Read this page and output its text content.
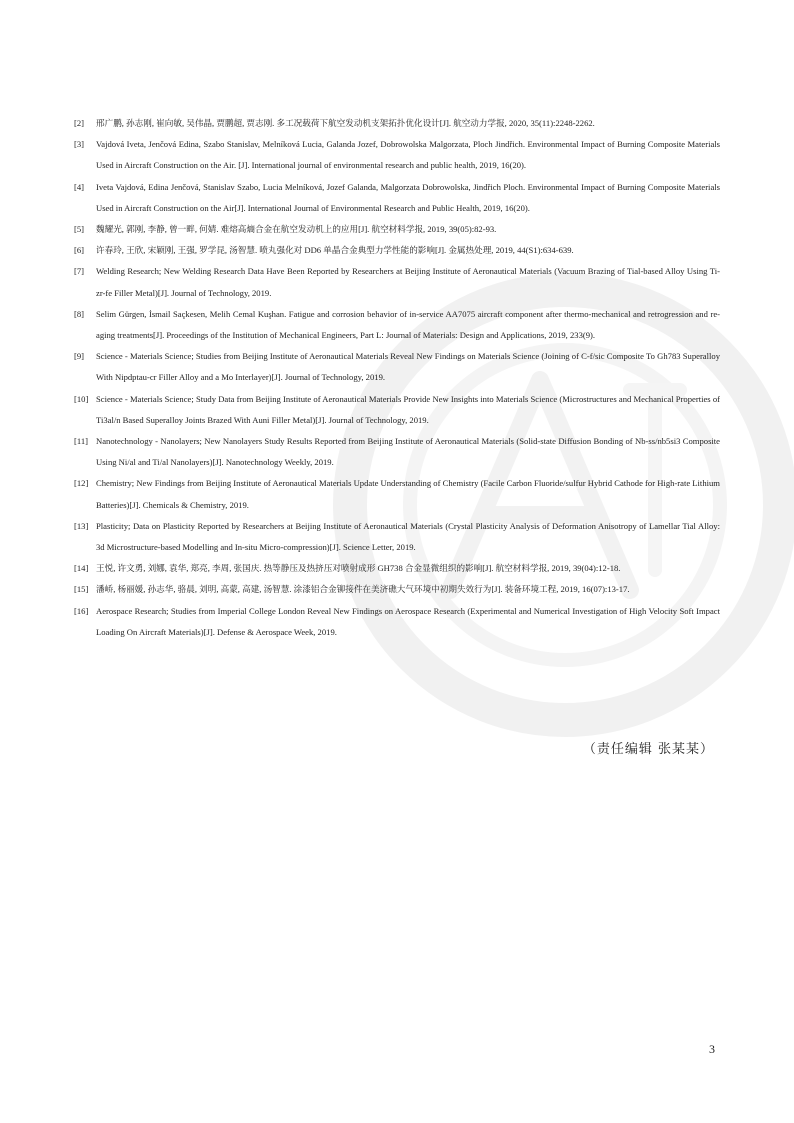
[2]	邢广鹏, 孙志刚, 崔向敏, 吴伟晶, 贾鹏超, 贾志刚. 多工况载荷下航空发动机支架拓扑优化设计[J]. 航空动力学报, 2020, 35(11):2248-2262.
[3]	Vajdová Iveta, Jenčová Edina, Szabo Stanislav, Melníková Lucia, Galanda Jozef, Dobrowolska Malgorzata, Ploch Jindřich. Environmental Impact of Burning Composite Materials Used in Aircraft Construction on the Air. [J]. International journal of environmental research and public health, 2019, 16(20).
[4]	Iveta Vajdová, Edina Jenčová, Stanislav Szabo, Lucia Melníková, Jozef Galanda, Malgorzata Dobrowolska, Jindřich Ploch. Environmental Impact of Burning Composite Materials Used in Aircraft Construction on the Air[J]. International Journal of Environmental Research and Public Health, 2019, 16(20).
[5]	魏耀光, 郭刚, 李静, 曾一畔, 何婧. 难熔高熵合金在航空发动机上的应用[J]. 航空材料学报, 2019, 39(05):82-93.
[6]	许春玲, 王欣, 宋颖刚, 王强, 罗学昆, 汤智慧. 喷丸强化对 DD6 单晶合金典型力学性能的影响[J]. 金属热处理, 2019, 44(S1):634-639.
[7]	Welding Research; New Welding Research Data Have Been Reported by Researchers at Beijing Institute of Aeronautical Materials (Vacuum Brazing of Tial-based Alloy Using Ti-zr-fe Filler Metal)[J]. Journal of Technology, 2019.
[8]	Selim Gürgen, İsmail Saçkesen, Melih Cemal Kuşhan. Fatigue and corrosion behavior of in-service AA7075 aircraft component after thermo-mechanical and retrogression and re-aging treatments[J]. Proceedings of the Institution of Mechanical Engineers, Part L: Journal of Materials: Design and Applications, 2019, 233(9).
[9]	Science - Materials Science; Studies from Beijing Institute of Aeronautical Materials Reveal New Findings on Materials Science (Joining of C-f/sic Composite To Gh783 Superalloy With Nipdptau-cr Filler Alloy and a Mo Interlayer)[J]. Journal of Technology, 2019.
[10] Science - Materials Science; Study Data from Beijing Institute of Aeronautical Materials Provide New Insights into Materials Science (Microstructures and Mechanical Properties of Ti3al/n Based Superalloy Joints Brazed With Auni Filler Metal)[J]. Journal of Technology, 2019.
[11] Nanotechnology - Nanolayers; New Nanolayers Study Results Reported from Beijing Institute of Aeronautical Materials (Solid-state Diffusion Bonding of Nb-ss/nb5si3 Composite Using Ni/al and Ti/al Nanolayers)[J]. Nanotechnology Weekly, 2019.
[12] Chemistry; New Findings from Beijing Institute of Aeronautical Materials Update Understanding of Chemistry (Facile Carbon Fluoride/sulfur Hybrid Cathode for High-rate Lithium Batteries)[J]. Chemicals & Chemistry, 2019.
[13] Plasticity; Data on Plasticity Reported by Researchers at Beijing Institute of Aeronautical Materials (Crystal Plasticity Analysis of Deformation Anisotropy of Lamellar Tial Alloy: 3d Microstructure-based Modelling and In-situ Micro-compression)[J]. Science Letter, 2019.
[14] 王悦, 许文勇, 刘娜, 袁华, 郑亮, 李周, 张国庆. 热等静压及热挤压对喷射成形 GH738 合金显微组织的影响[J]. 航空材料学报, 2019, 39(04):12-18.
[15] 潘峤, 杨丽媛, 孙志华, 骆晨, 刘明, 高蒙, 高建, 汤智慧. 涂漆铝合金铆接件在美济礁大气环境中初期失效行为[J]. 装备环境工程, 2019, 16(07):13-17.
[16] Aerospace Research; Studies from Imperial College London Reveal New Findings on Aerospace Research (Experimental and Numerical Investigation of High Velocity Soft Impact Loading On Aircraft Materials)[J]. Defense & Aerospace Week, 2019.
（责任编辑 张某某）
3
